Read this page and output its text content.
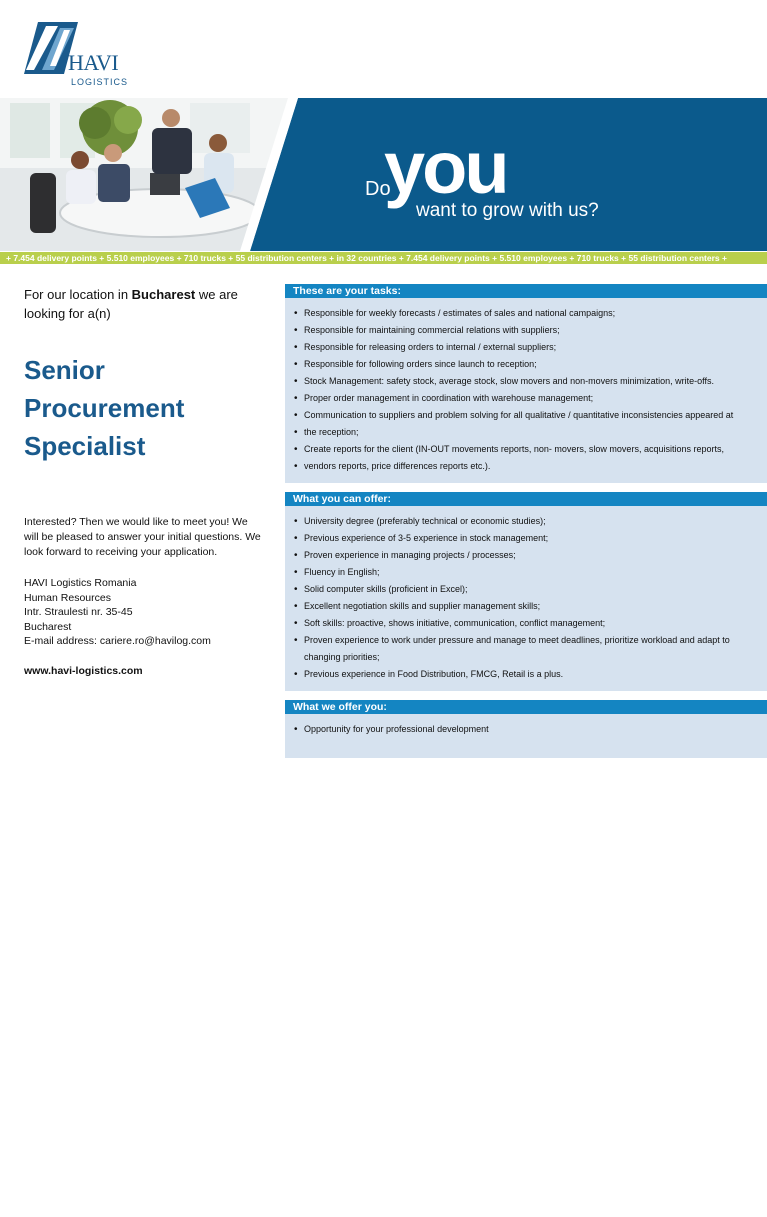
HAVI
LOGISTICS
Do
you
want to grow with us?
+ 7.454 delivery points + 5.510 employees + 710 trucks + 55 distribution centers + in 32 countries + 7.454 delivery points + 5.510 employees + 710 trucks + 55 distribution centers +

For our location in Bucharest we are looking for a(n)

Senior
Procurement
Specialist
Interested? Then we would like to meet you! We will be pleased to answer your initial questions. We look forward to receiving your application.
HAVI Logistics Romania
Human Resources
Intr. Straulesti nr. 35-45
Bucharest
E-mail address: cariere.ro@havilog.com
www.havi-logistics.com
These are your tasks:
• Responsible for weekly forecasts / estimates of sales and national campaigns;
• Responsible for maintaining commercial relations with suppliers;
• Responsible for releasing orders to internal / external suppliers;
• Responsible for following orders since launch to reception;
• Stock Management: safety stock, average stock, slow movers and non-movers minimization, write-offs.
• Proper order management in coordination with warehouse management;
• Communication to suppliers and problem solving for all qualitative / quantitative inconsistencies appeared at
• the reception;
• Create reports for the client (IN-OUT movements reports, non- movers, slow movers, acquisitions reports,
• vendors reports, price differences reports etc.).
What you can offer:
• University degree (preferably technical or economic studies);
• Previous experience of 3-5 experience in stock management;
• Proven experience in managing projects / processes;
• Fluency in English;
• Solid computer skills (proficient in Excel);
• Excellent negotiation skills and supplier management skills;
• Soft skills: proactive, shows initiative, communication, conflict management;
• Proven experience to work under pressure and manage to meet deadlines, prioritize workload and adapt to changing priorities;
• Previous experience in Food Distribution, FMCG, Retail is a plus.
What we offer you:
• Opportunity for your professional development
